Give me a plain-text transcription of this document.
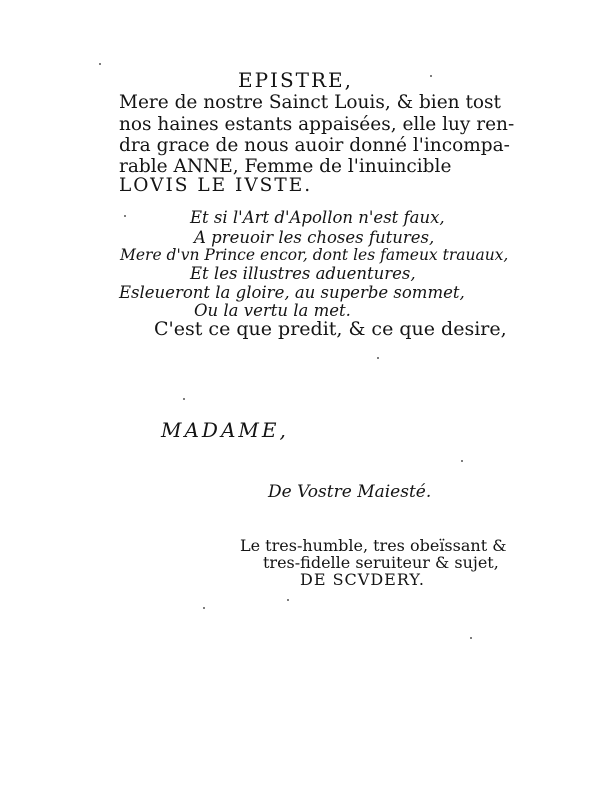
EPISTRE,
Mere de nostre Sainct Louis, & bien tost
nos haines estants appaisées, elle luy ren-
dra grace de nous auoir donné l'incompa-
rable ANNE, Femme de l'inuincible
LOVIS LE IVSTE.
Et si l'Art d'Apollon n'est faux,
A preuoir les choses futures,
Mere d'vn Prince encor, dont les fameux trauaux,
Et les illustres aduentures,
Esleueront la gloire, au superbe sommet,
Ou la vertu la met.
C'est ce que predit, & ce que desire,
MADAME,
De Vostre Maiesté.
Le tres-humble, tres obeïssant &
tres-fidelle seruiteur & sujet,
DE SCVDERY.
